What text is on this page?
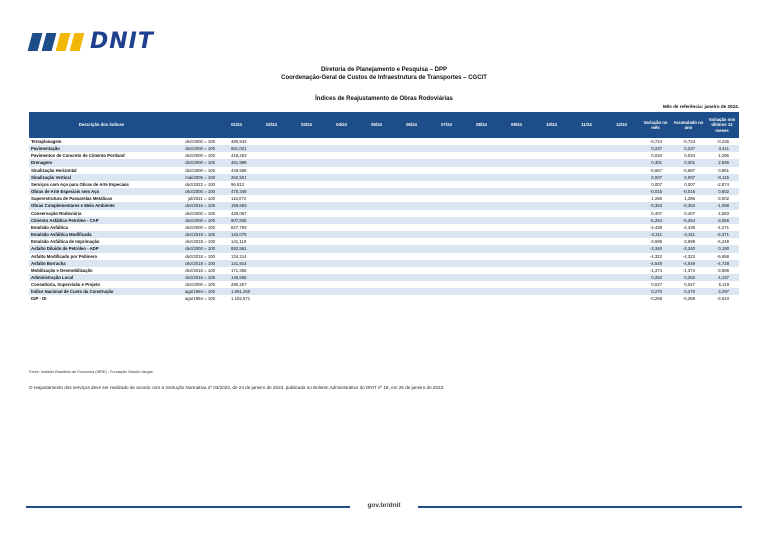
DNIT
Diretoria de Planejamento e Pesquisa – DPP
Coordenação-Geral de Custos de Infraestrutura de Transportes – CGCIT
Índices de Reajustamento de Obras Rodoviárias
Mês de referência: janeiro de 2024.
Descrição dos índices		01/24	02/24	03/24	04/24	05/24	06/24	07/24	08/24	09/24	10/24	11/24	12/24	Variação no mês	Acumulado no ano	Variação nos últimos 12 meses
Terraplanagem	dez/2000 = 100	480,943												-0,724	-0,724	-0,236
Pavimentação	dez/2000 = 100	561,021												0,237	0,237	3,411
Pavimentos de Concreto de Cimento Portland	dez/2000 = 100	418,463												0,034	0,034	1,296
Drenagem	dez/2000 = 100	461,999												0,301	0,301	2,836
Sinalização Horizontal	dez/2000 = 100	449,558												-0,667	-0,667	0,861
Sinalização Vertical	mai/2005 = 100	262,501												0,007	0,007	-0,115
Serviços com Aço para Obras de Arte Especiais	dez/2022 = 100	96,812												0,007	0,007	-2,874
Obras de Arte Especiais sem Aço	dez/2000 = 100	470,348												-0,015	-0,015	0,602
Superestrutura de Passarelas Metálicas	jul/2021 = 100	116,072												1,286	1,286	-3,002
Obras Complementares e Meio Ambiente	dez/2016 = 100	159,693												-0,353	-0,353	-1,098
Conservação Rodoviária	dez/2000 = 100	428,067												0,407	0,407	4,583
Cimento Asfáltico Petróleo - CAP	dez/2000 = 100	907,836												-5,264	-5,264	-3,656
Emulsão Asfáltica	dez/2000 = 100	827,793												-4,438	-4,438	-4,271
Emulsão Asfáltica Modificada	dez/2018 = 100	142,075												-3,311	-3,311	-6,371
Emulsão Asfáltica de Imprimação	dez/2018 = 100	141,119												-3,689	-3,689	-6,249
Asfalto Diluído de Petróleo - ADP	dez/2000 = 100	892,861												-3,340	-3,340	0,190
Asfalto Modificado por Polímero	dez/2018 = 100	134,214												-4,322	-4,322	-5,658
Asfalto Borracha	dez/2018 = 100	141,914												-4,549	-4,549	-4,728
Mobilização e Desmobilização	dez/2016 = 100	171,365												-1,374	-1,374	-3,886
Administração Local	dez/2016 = 100	145,655												0,252	0,252	4,137
Consultoria, Supervisão e Projeto	dez/2000 = 100	290,267												0,027	0,027	5,119
Índice Nacional de Custo da Construção	ago/1994 = 100	1.091,250												0,270	0,270	3,297
IGP - DI	ago/1994 = 100	1.102,571												-0,269	-0,269	-3,610
Fonte: Instituto Brasileiro de Economia (IBRE) - Fundação Getulio Vargas.
O reajustamento dos serviços deve ser realizado de acordo com a Instrução Normativa nº 03/2023, de 24 de janeiro de 2023, publicada no Boletim Administrativo do DNIT nº 18, em 25 de janeiro de 2023.
gov.br/dnit
